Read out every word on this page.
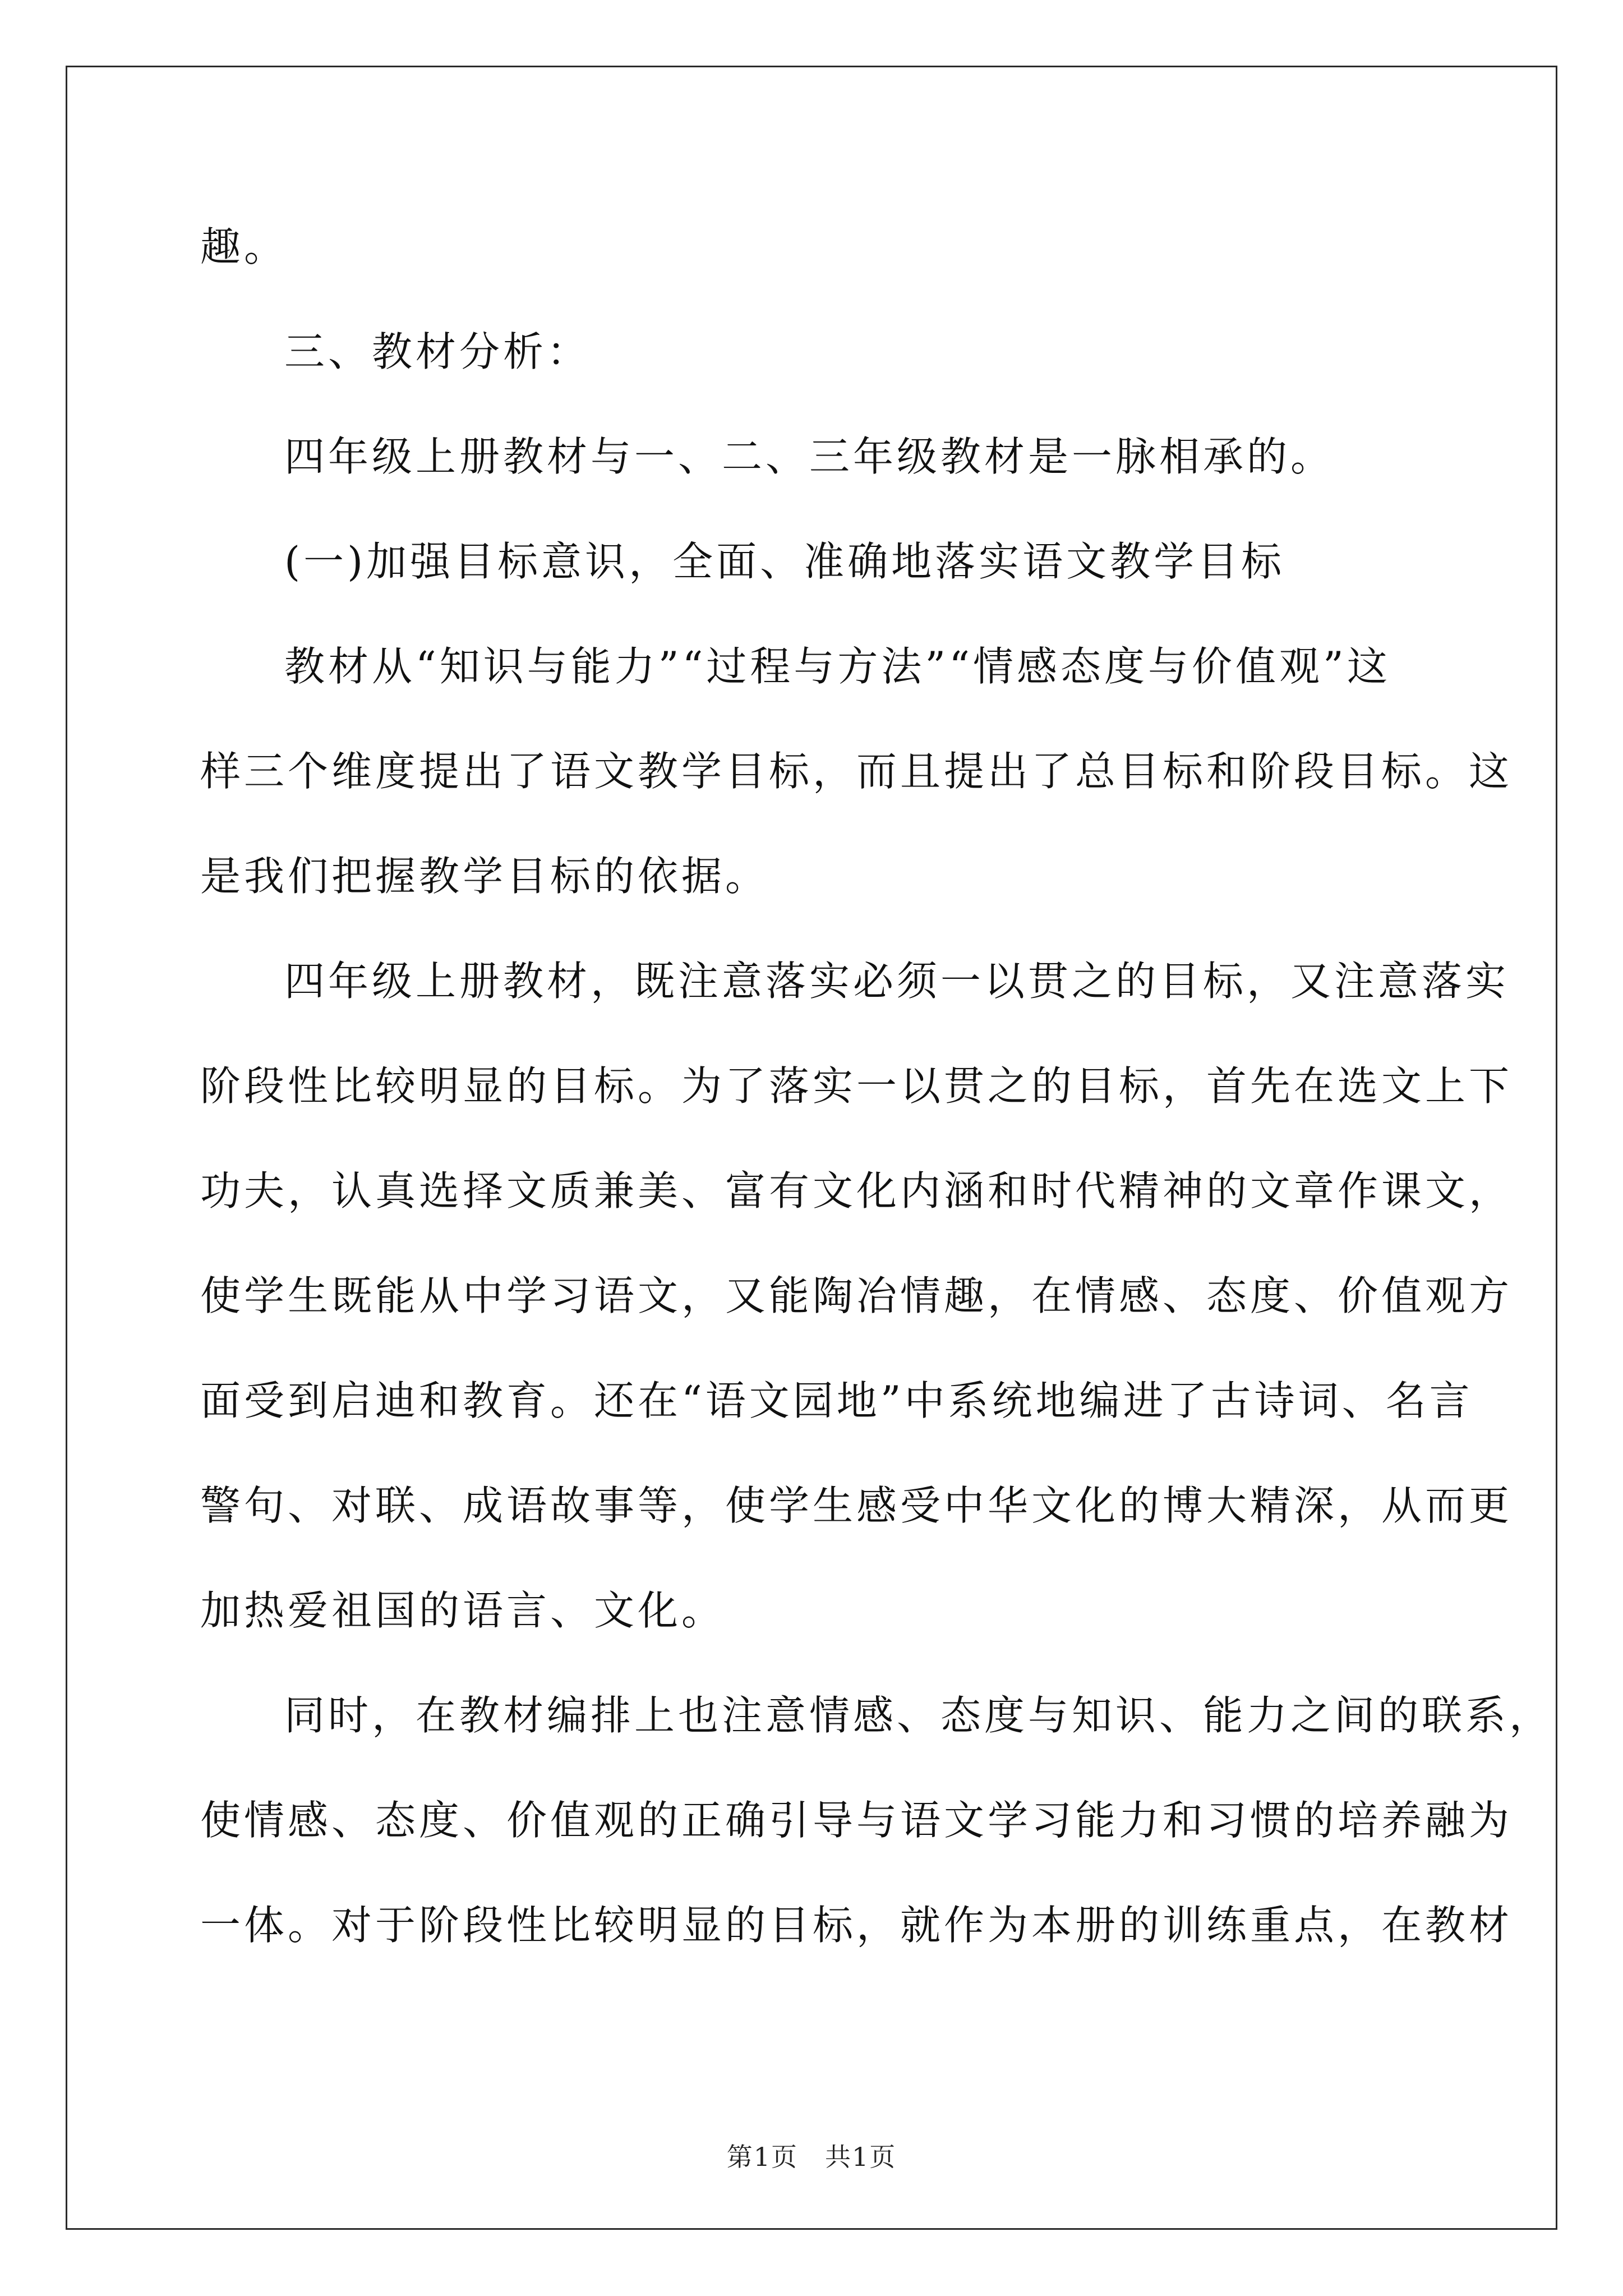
趣。
三、教材分析：
四年级上册教材与一、二、三年级教材是一脉相承的。
(一)加强目标意识，全面、准确地落实语文教学目标
教材从“知识与能力”“过程与方法”“情感态度与价值观”这
样三个维度提出了语文教学目标，而且提出了总目标和阶段目标。这
是我们把握教学目标的依据。
四年级上册教材，既注意落实必须一以贯之的目标，又注意落实
阶段性比较明显的目标。为了落实一以贯之的目标，首先在选文上下
功夫，认真选择文质兼美、富有文化内涵和时代精神的文章作课文，
使学生既能从中学习语文，又能陶冶情趣，在情感、态度、价值观方
面受到启迪和教育。还在“语文园地”中系统地编进了古诗词、名言
警句、对联、成语故事等，使学生感受中华文化的博大精深，从而更
加热爱祖国的语言、文化。
同时，在教材编排上也注意情感、态度与知识、能力之间的联系，
使情感、态度、价值观的正确引导与语文学习能力和习惯的培养融为
一体。对于阶段性比较明显的目标，就作为本册的训练重点，在教材
第1页　共1页
